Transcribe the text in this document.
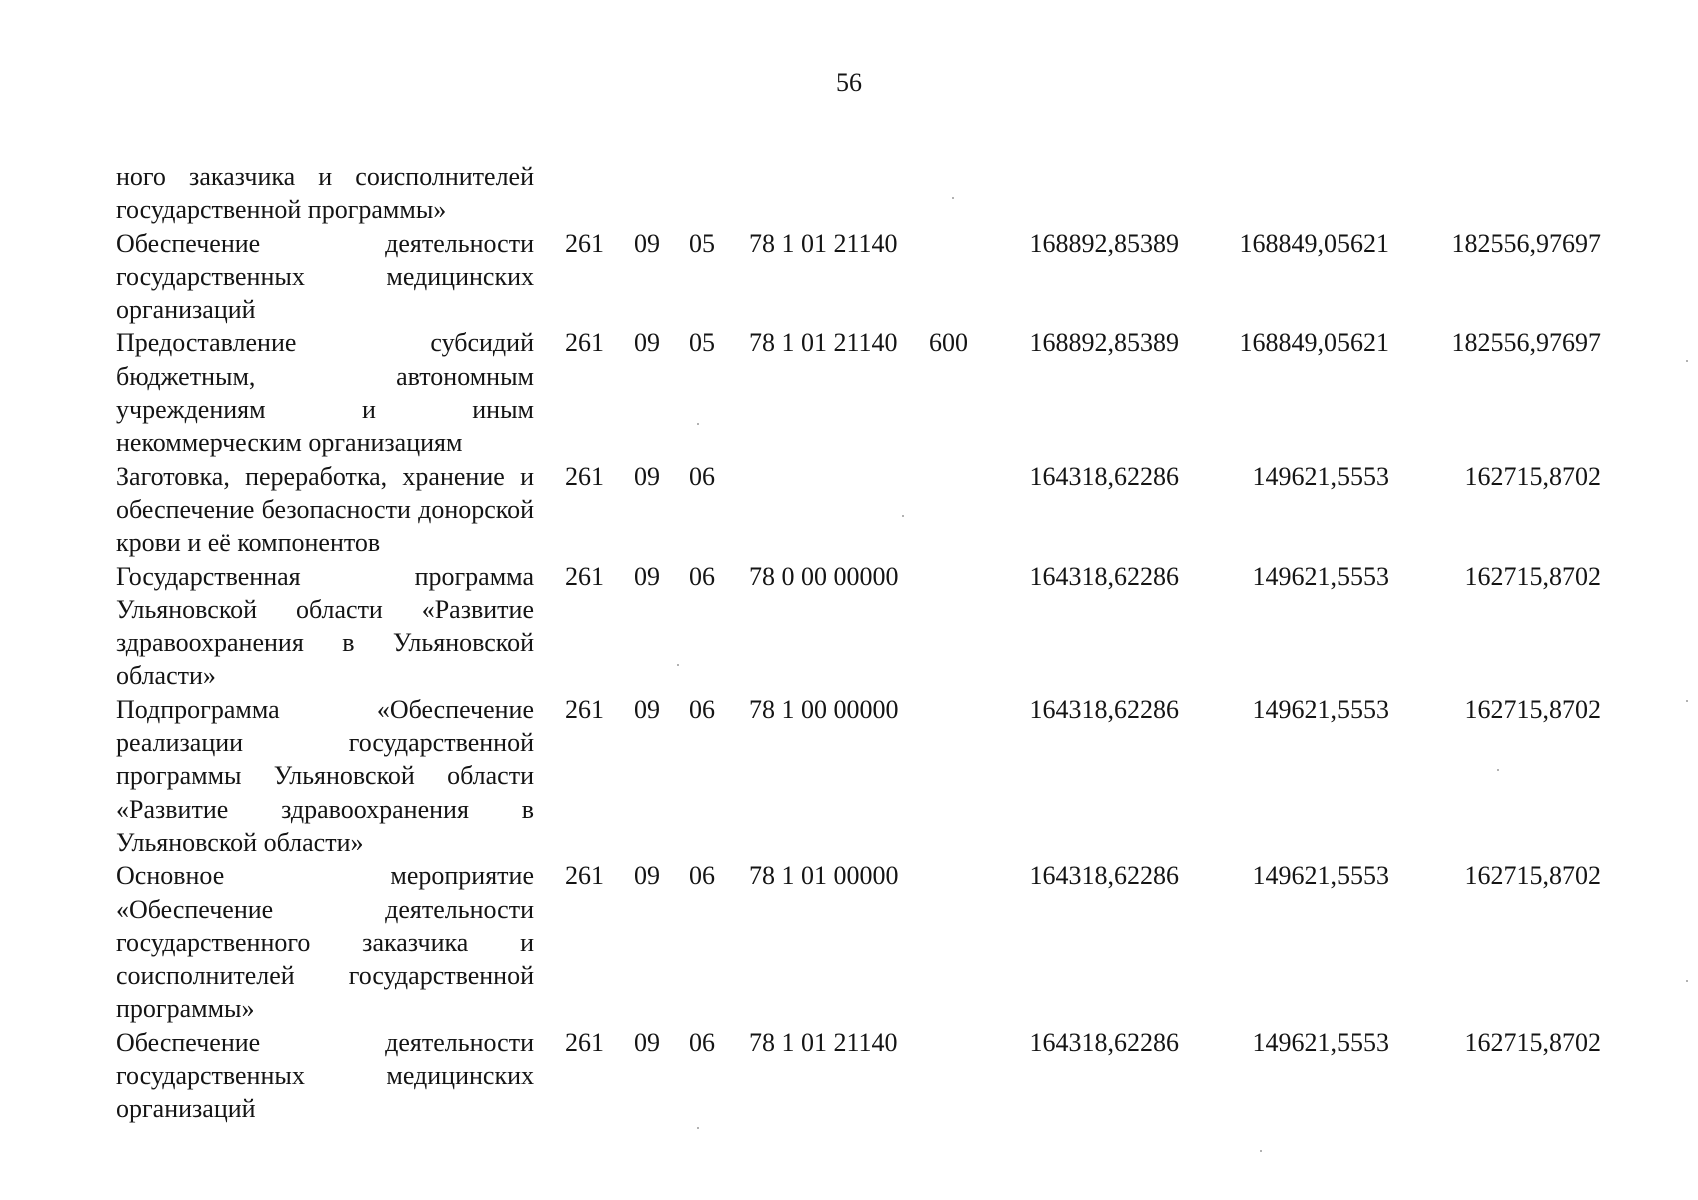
56
ного заказчика и соисполнителей государственной программы»								
Обеспечение деятельности государственных медицинских организаций	261	09	05	78 1 01 21140		168892,85389	168849,05621	182556,97697
Предоставление субсидий бюджетным, автономным учреждениям и иным некоммерческим организациям	261	09	05	78 1 01 21140	600	168892,85389	168849,05621	182556,97697
Заготовка, переработка, хранение и обеспечение безопасности донорской крови и её компонентов	261	09	06			164318,62286	149621,5553	162715,8702
Государственная программа Ульяновской области «Развитие здравоохранения в Ульяновской области»	261	09	06	78 0 00 00000		164318,62286	149621,5553	162715,8702
Подпрограмма «Обеспечение реализации государственной программы Ульяновской области «Развитие здравоохранения в Ульяновской области»	261	09	06	78 1 00 00000		164318,62286	149621,5553	162715,8702
Основное мероприятие «Обеспечение деятельности государственного заказчика и соисполнителей государственной программы»	261	09	06	78 1 01 00000		164318,62286	149621,5553	162715,8702
Обеспечение деятельности государственных медицинских организаций	261	09	06	78 1 01 21140		164318,62286	149621,5553	162715,8702
